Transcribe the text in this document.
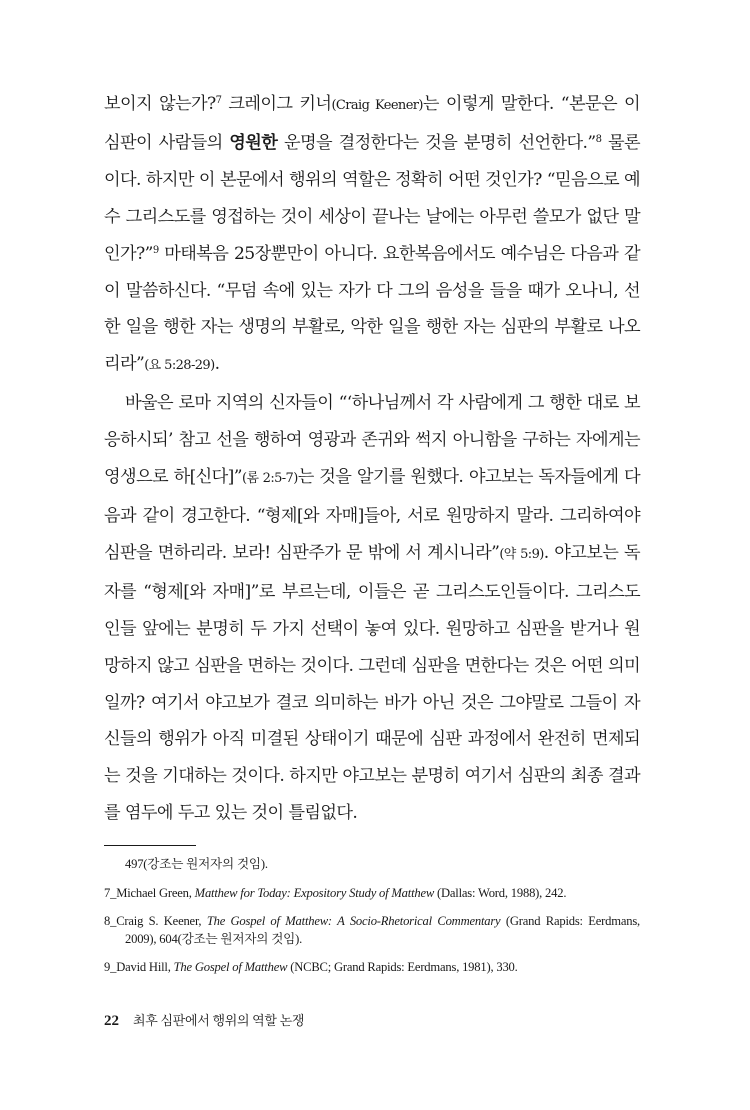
보이지 않는가?$^7$ 크레이그 키너(Craig Keener)는 이렇게 말한다. “본문은 이 심판이 사람들의 영원한 운명을 결정한다는 것을 분명히 선언한다.”$^8$ 물론이다. 하지만 이 본문에서 행위의 역할은 정확히 어떤 것인가? “믿음으로 예수 그리스도를 영접하는 것이 세상이 끝나는 날에는 아무런 쓸모가 없단 말인가?”$^9$ 마태복음 25장뿐만이 아니다. 요한복음에서도 예수님은 다음과 같이 말씀하신다. “무덤 속에 있는 자가 다 그의 음성을 들을 때가 오나니, 선한 일을 행한 자는 생명의 부활로, 악한 일을 행한 자는 심판의 부활로 나오리라”(요 5:28-29).

바울은 로마 지역의 신자들이 “‘하나님께서 각 사람에게 그 행한 대로 보응하시되’ 참고 선을 행하여 영광과 존귀와 썩지 아니함을 구하는 자에게는 영생으로 하[신다]”(롬 2:5-7)는 것을 알기를 원했다. 야고보는 독자들에게 다음과 같이 경고한다. “형제[와 자매]들아, 서로 원망하지 말라. 그리하여야 심판을 면하리라. 보라! 심판주가 문 밖에 서 계시니라”(약 5:9). 야고보는 독자를 “형제[와 자매]”로 부르는데, 이들은 곧 그리스도인들이다. 그리스도인들 앞에는 분명히 두 가지 선택이 놓여 있다. 원망하고 심판을 받거나 원망하지 않고 심판을 면하는 것이다. 그런데 심판을 면한다는 것은 어떤 의미일까? 여기서 야고보가 결코 의미하는 바가 아닌 것은 그야말로 그들이 자신들의 행위가 아직 미결된 상태이기 때문에 심판 과정에서 완전히 면제되는 것을 기대하는 것이다. 하지만 야고보는 분명히 여기서 심판의 최종 결과를 염두에 두고 있는 것이 틀림없다.

497(강조는 원저자의 것임).

7_Michael Green, Matthew for Today: Expository Study of Matthew (Dallas: Word, 1988), 242.

8_Craig S. Keener, The Gospel of Matthew: A Socio-Rhetorical Commentary (Grand Rapids: Eerdmans, 2009), 604(강조는 원저자의 것임).

9_David Hill, The Gospel of Matthew (NCBC; Grand Rapids: Eerdmans, 1981), 330.

22 최후 심판에서 행위의 역할 논쟁
